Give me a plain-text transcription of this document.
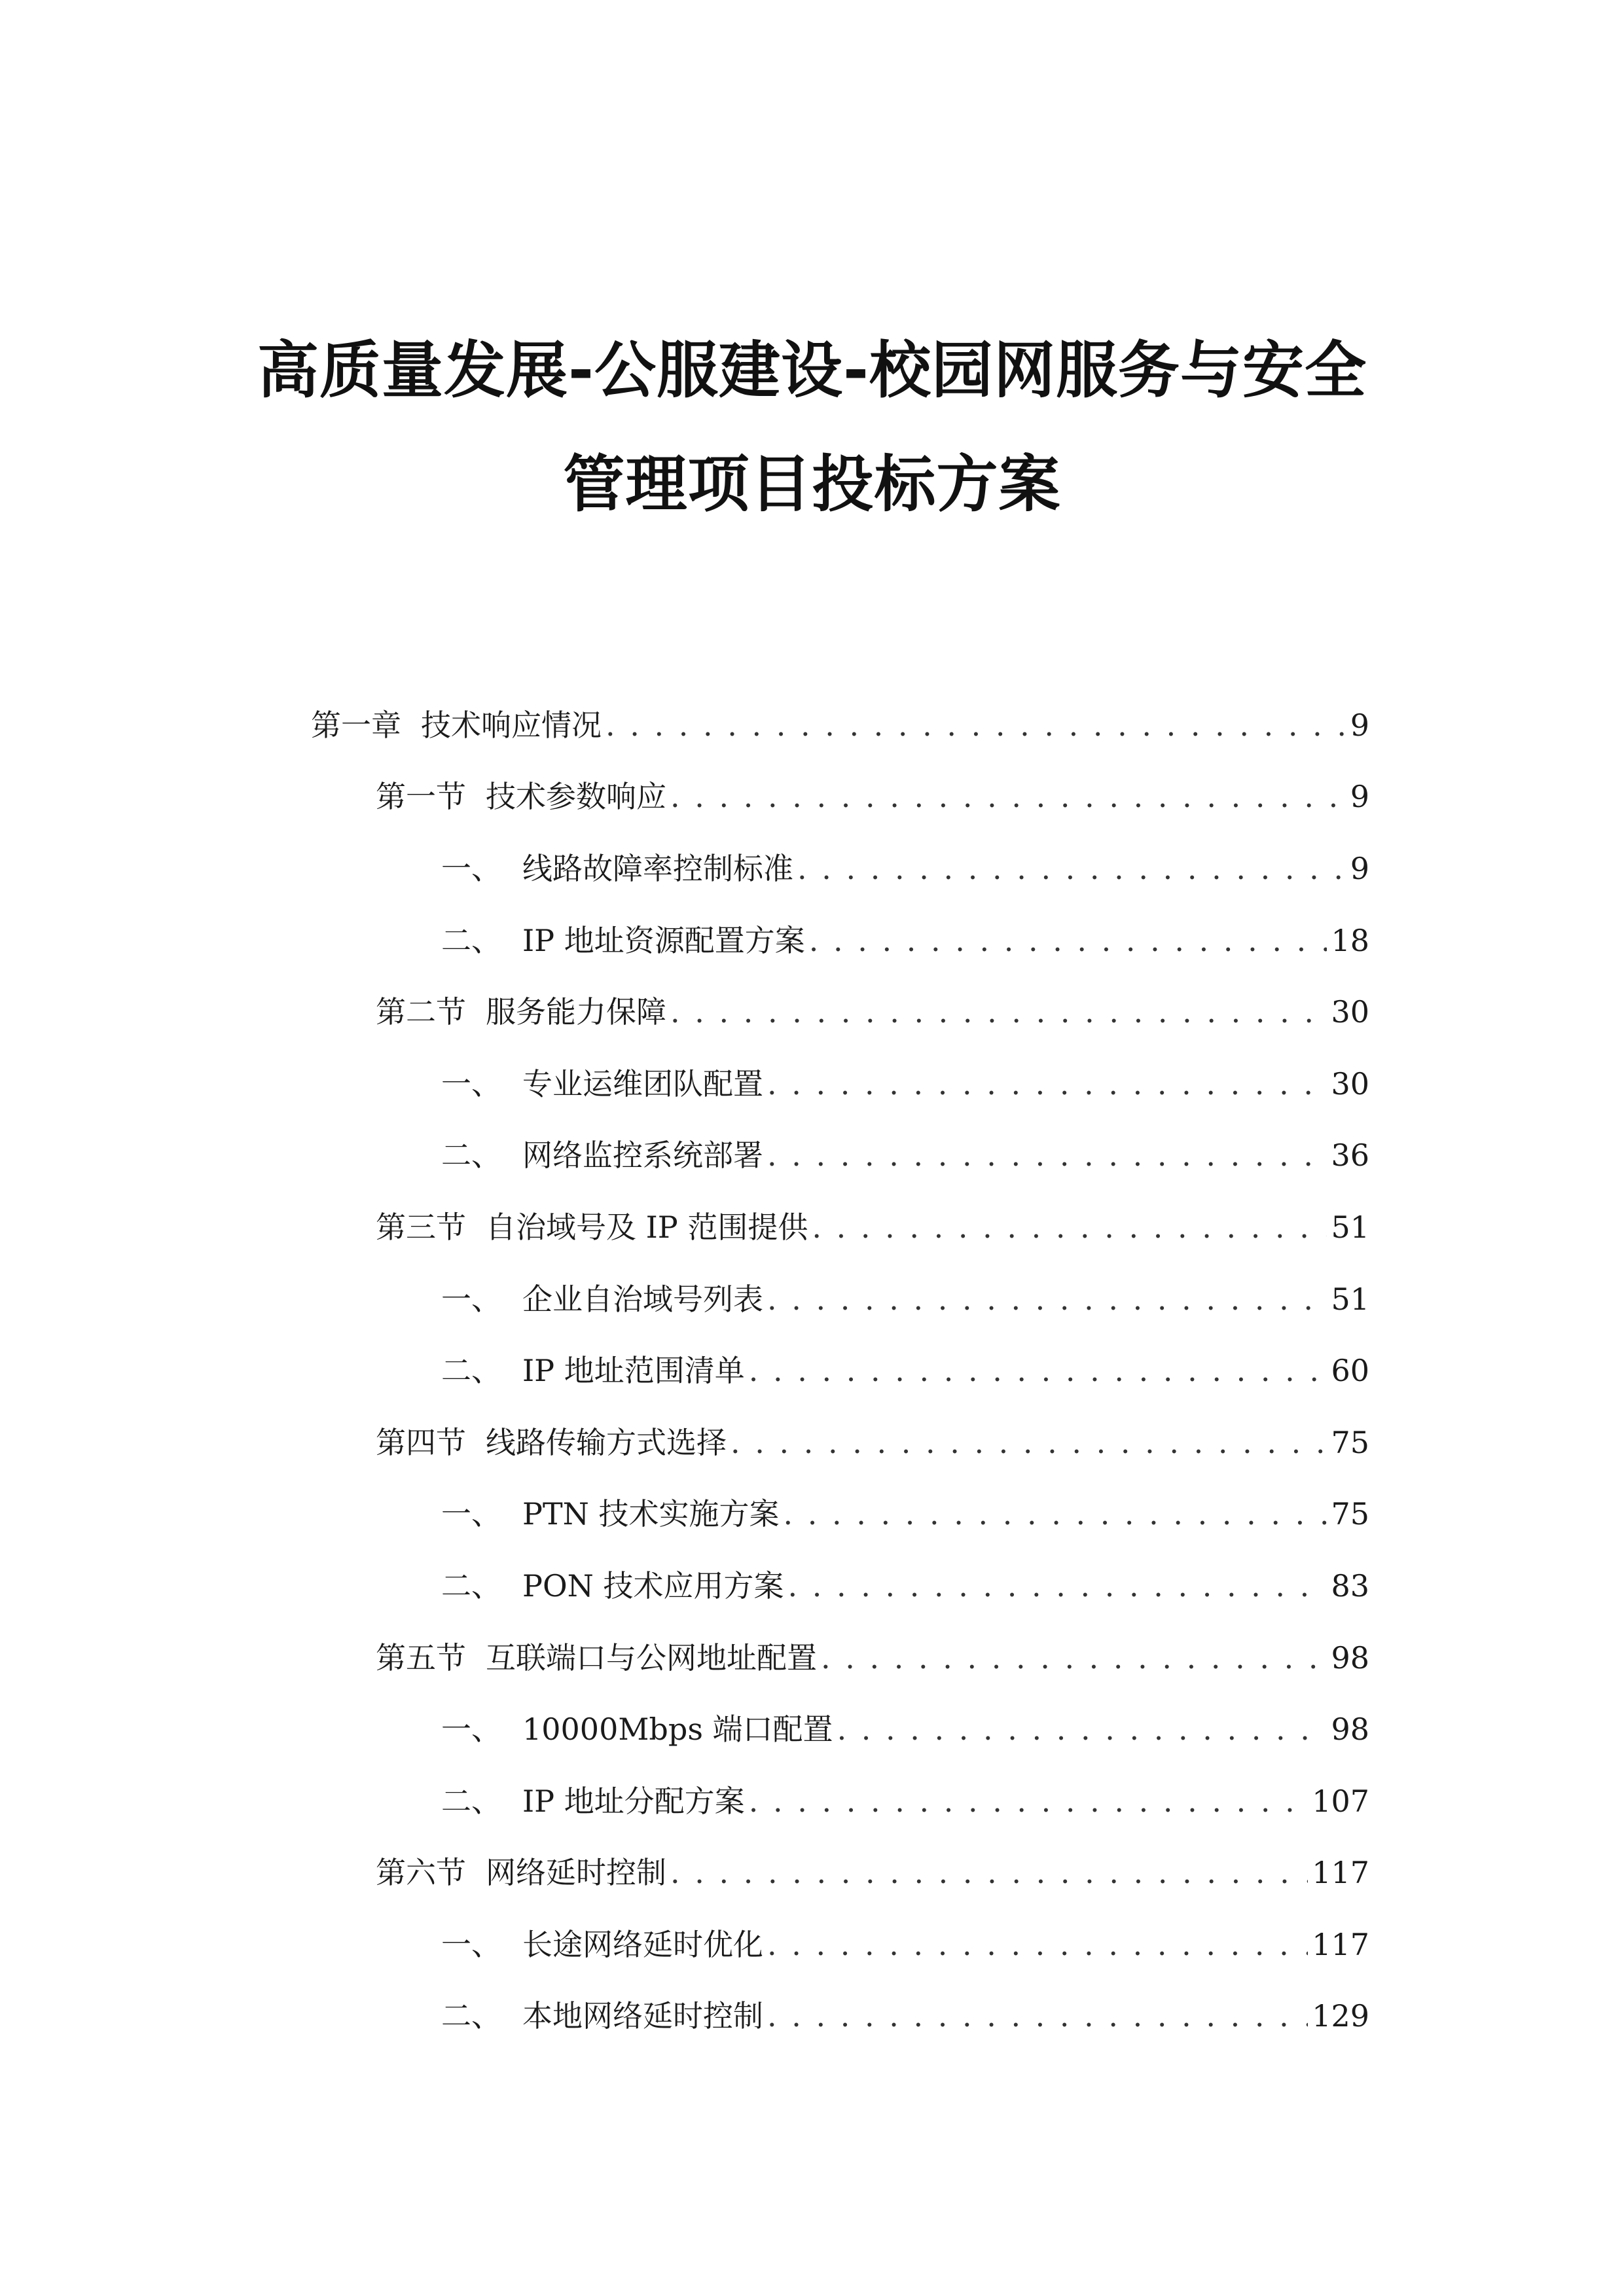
高质量发展-公服建设-校园网服务与安全
管理项目投标方案
第一章 技术响应情况 . . .	9
第一节 技术参数响应 . . .	9
一、 线路故障率控制标准 . . .	9
二、 IP 地址资源配置方案 . . .	18
第二节 服务能力保障 . . .	30
一、 专业运维团队配置 . . .	30
二、 网络监控系统部署 . . .	36
第三节 自治域号及 IP 范围提供 . . .	51
一、 企业自治域号列表 . . .	51
二、 IP 地址范围清单 . . .	60
第四节 线路传输方式选择 . . .	75
一、 PTN 技术实施方案 . . .	75
二、 PON 技术应用方案 . . .	83
第五节 互联端口与公网地址配置 . . .	98
一、 10000Mbps 端口配置 . . .	98
二、 IP 地址分配方案 . . .	107
第六节 网络延时控制 . . .	117
一、 长途网络延时优化 . . .	117
二、 本地网络延时控制 . . .	129
